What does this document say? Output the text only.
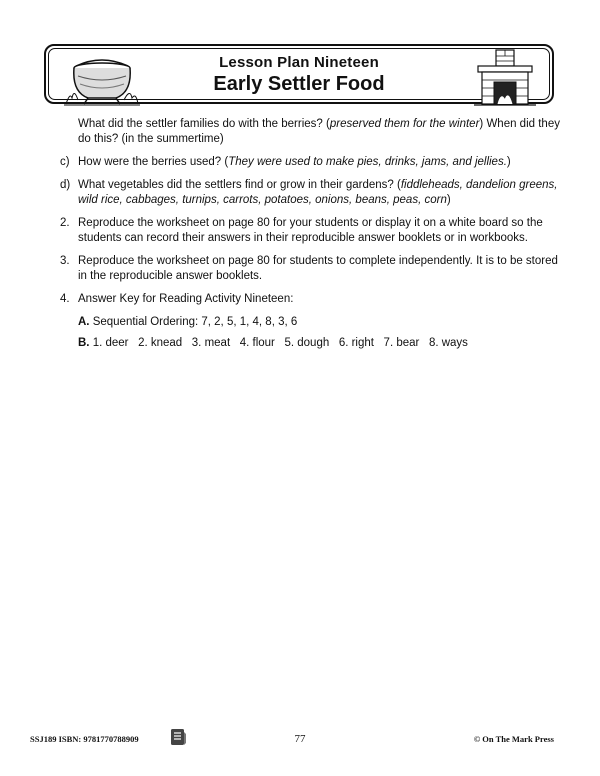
Lesson Plan Nineteen
Early Settler Food
What did the settler families do with the berries? (preserved them for the winter) When did they do this? (in the summertime)
c) How were the berries used? (They were used to make pies, drinks, jams, and jellies.)
d) What vegetables did the settlers find or grow in their gardens? (fiddleheads, dandelion greens, wild rice, cabbages, turnips, carrots, potatoes, onions, beans, peas, corn)
2. Reproduce the worksheet on page 80 for your students or display it on a white board so the students can record their answers in their reproducible answer booklets or in workbooks.
3. Reproduce the worksheet on page 80 for students to complete independently. It is to be stored in the reproducible answer booklets.
4. Answer Key for Reading Activity Nineteen:
A. Sequential Ordering: 7, 2, 5, 1, 4, 8, 3, 6
B. 1. deer   2. knead   3. meat   4. flour   5. dough   6. right   7. bear   8. ways
SSJ189 ISBN: 9781770788909	77	© On The Mark Press
